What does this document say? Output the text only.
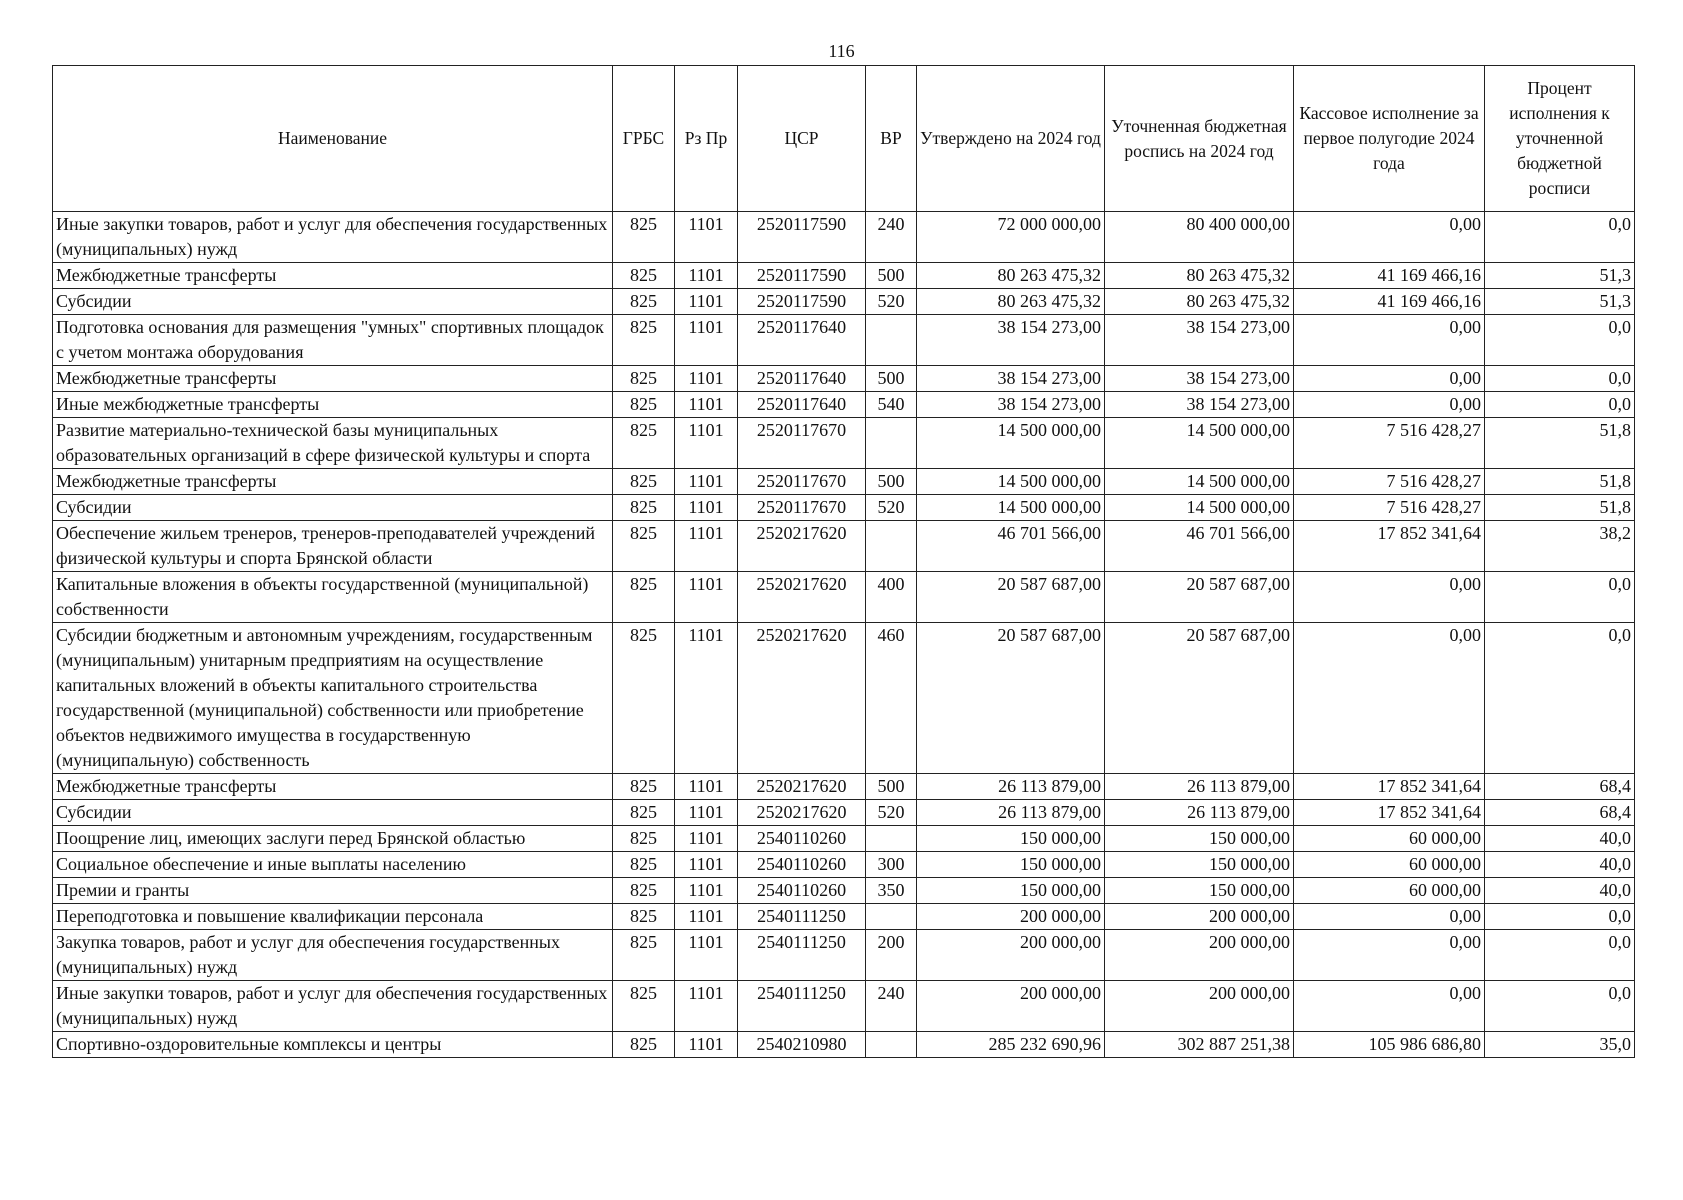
116
Наименование	ГРБС	Рз Пр	ЦСР	ВР	Утверждено на 2024 год	Уточненная бюджетная роспись на 2024 год	Кассовое исполнение за первое полугодие 2024 года	Процент исполнения к уточненной бюджетной росписи
Иные закупки товаров, работ и услуг для обеспечения государственных (муниципальных) нужд	825	1101	2520117590	240	72 000 000,00	80 400 000,00	0,00	0,0
Межбюджетные трансферты	825	1101	2520117590	500	80 263 475,32	80 263 475,32	41 169 466,16	51,3
Субсидии	825	1101	2520117590	520	80 263 475,32	80 263 475,32	41 169 466,16	51,3
Подготовка основания для размещения "умных" спортивных площадок с учетом монтажа оборудования	825	1101	2520117640		38 154 273,00	38 154 273,00	0,00	0,0
Межбюджетные трансферты	825	1101	2520117640	500	38 154 273,00	38 154 273,00	0,00	0,0
Иные межбюджетные трансферты	825	1101	2520117640	540	38 154 273,00	38 154 273,00	0,00	0,0
Развитие материально-технической базы муниципальных образовательных организаций в сфере физической культуры и спорта	825	1101	2520117670		14 500 000,00	14 500 000,00	7 516 428,27	51,8
Межбюджетные трансферты	825	1101	2520117670	500	14 500 000,00	14 500 000,00	7 516 428,27	51,8
Субсидии	825	1101	2520117670	520	14 500 000,00	14 500 000,00	7 516 428,27	51,8
Обеспечение жильем тренеров, тренеров-преподавателей учреждений физической культуры и спорта Брянской области	825	1101	2520217620		46 701 566,00	46 701 566,00	17 852 341,64	38,2
Капитальные вложения в объекты государственной (муниципальной) собственности	825	1101	2520217620	400	20 587 687,00	20 587 687,00	0,00	0,0
Субсидии бюджетным и автономным учреждениям, государственным (муниципальным) унитарным предприятиям на осуществление капитальных вложений в объекты капитального строительства государственной (муниципальной) собственности или приобретение объектов недвижимого имущества в государственную (муниципальную) собственность	825	1101	2520217620	460	20 587 687,00	20 587 687,00	0,00	0,0
Межбюджетные трансферты	825	1101	2520217620	500	26 113 879,00	26 113 879,00	17 852 341,64	68,4
Субсидии	825	1101	2520217620	520	26 113 879,00	26 113 879,00	17 852 341,64	68,4
Поощрение лиц, имеющих заслуги перед Брянской областью	825	1101	2540110260		150 000,00	150 000,00	60 000,00	40,0
Социальное обеспечение и иные выплаты населению	825	1101	2540110260	300	150 000,00	150 000,00	60 000,00	40,0
Премии и гранты	825	1101	2540110260	350	150 000,00	150 000,00	60 000,00	40,0
Переподготовка и повышение квалификации персонала	825	1101	2540111250		200 000,00	200 000,00	0,00	0,0
Закупка товаров, работ и услуг для обеспечения государственных (муниципальных) нужд	825	1101	2540111250	200	200 000,00	200 000,00	0,00	0,0
Иные закупки товаров, работ и услуг для обеспечения государственных (муниципальных) нужд	825	1101	2540111250	240	200 000,00	200 000,00	0,00	0,0
Спортивно-оздоровительные комплексы и центры	825	1101	2540210980		285 232 690,96	302 887 251,38	105 986 686,80	35,0
